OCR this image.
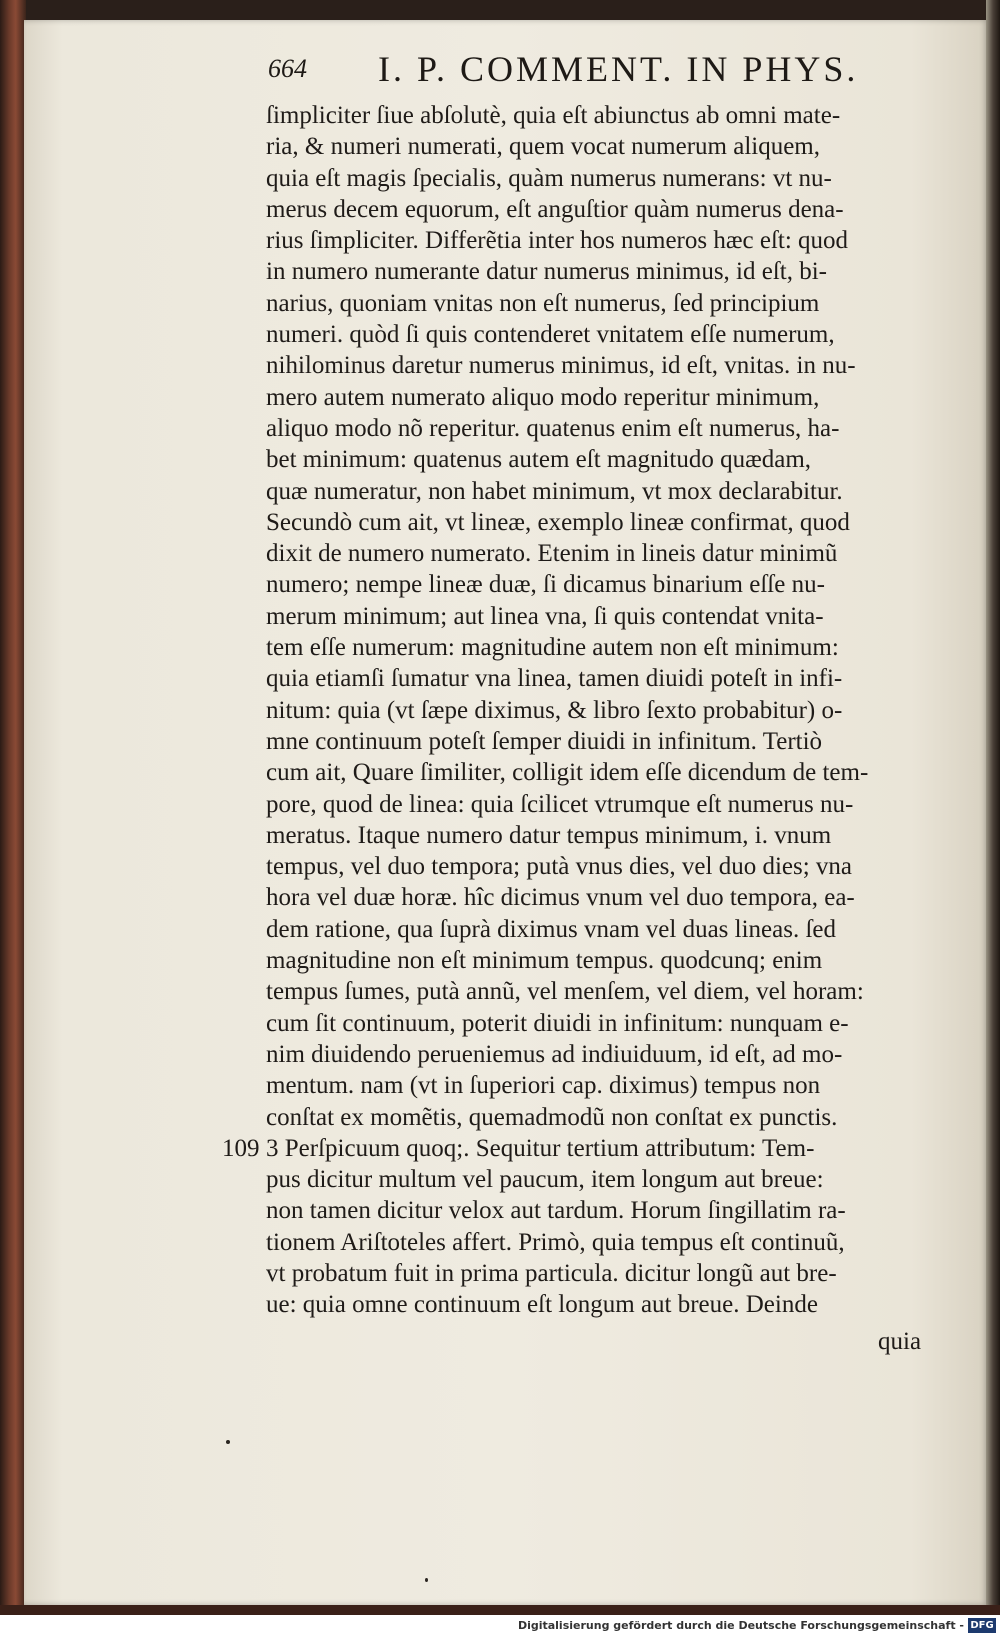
664 I. P. COMMENT. IN PHYS.
ſimpliciter ſiue abſolutè, quia eſt abiunctus ab omni mate-
ria, & numeri numerati, quem vocat numerum aliquem,
quia eſt magis ſpecialis, quàm numerus numerans: vt nu-
merus decem equorum, eſt anguſtior quàm numerus dena-
rius ſimpliciter. Differẽtia inter hos numeros hæc eſt: quod
in numero numerante datur numerus minimus, id eſt, bi-
narius, quoniam vnitas non eſt numerus, ſed principium
numeri. quòd ſi quis contenderet vnitatem eſſe numerum,
nihilominus daretur numerus minimus, id eſt, vnitas. in nu-
mero autem numerato aliquo modo reperitur minimum,
aliquo modo nõ reperitur. quatenus enim eſt numerus, ha-
bet minimum: quatenus autem eſt magnitudo quædam,
quæ numeratur, non habet minimum, vt mox declarabitur.
Secundò cum ait, vt lineæ, exemplo lineæ confirmat, quod
dixit de numero numerato. Etenim in lineis datur minimũ
numero; nempe lineæ duæ, ſi dicamus binarium eſſe nu-
merum minimum; aut linea vna, ſi quis contendat vnita-
tem eſſe numerum: magnitudine autem non eſt minimum:
quia etiamſi ſumatur vna linea, tamen diuidi poteſt in infi-
nitum: quia (vt ſæpe diximus, & libro ſexto probabitur) o-
mne continuum poteſt ſemper diuidi in infinitum. Tertiò
cum ait, Quare ſimiliter, colligit idem eſſe dicendum de tem-
pore, quod de linea: quia ſcilicet vtrumque eſt numerus nu-
meratus. Itaque numero datur tempus minimum, i. vnum
tempus, vel duo tempora; putà vnus dies, vel duo dies; vna
hora vel duæ horæ. hîc dicimus vnum vel duo tempora, ea-
dem ratione, qua ſuprà diximus vnam vel duas lineas. ſed
magnitudine non eſt minimum tempus. quodcunq; enim
tempus ſumes, putà annũ, vel menſem, vel diem, vel horam:
cum ſit continuum, poterit diuidi in infinitum: nunquam e-
nim diuidendo perueniemus ad indiuiduum, id eſt, ad mo-
mentum. nam (vt in ſuperiori cap. diximus) tempus non
conſtat ex momẽtis, quemadmodũ non conſtat ex punctis.
3 Perſpicuum quoq;. Sequitur tertium attributum: Tem-
pus dicitur multum vel paucum, item longum aut breue:
non tamen dicitur velox aut tardum. Horum ſingillatim ra-
tionem Ariſtoteles affert. Primò, quia tempus eſt continuũ,
vt probatum fuit in prima particula. dicitur longũ aut bre-
ue: quia omne continuum eſt longum aut breue. Deinde
109
quia
Digitalisierung gefördert durch die Deutsche Forschungsgemeinschaft - DFG
